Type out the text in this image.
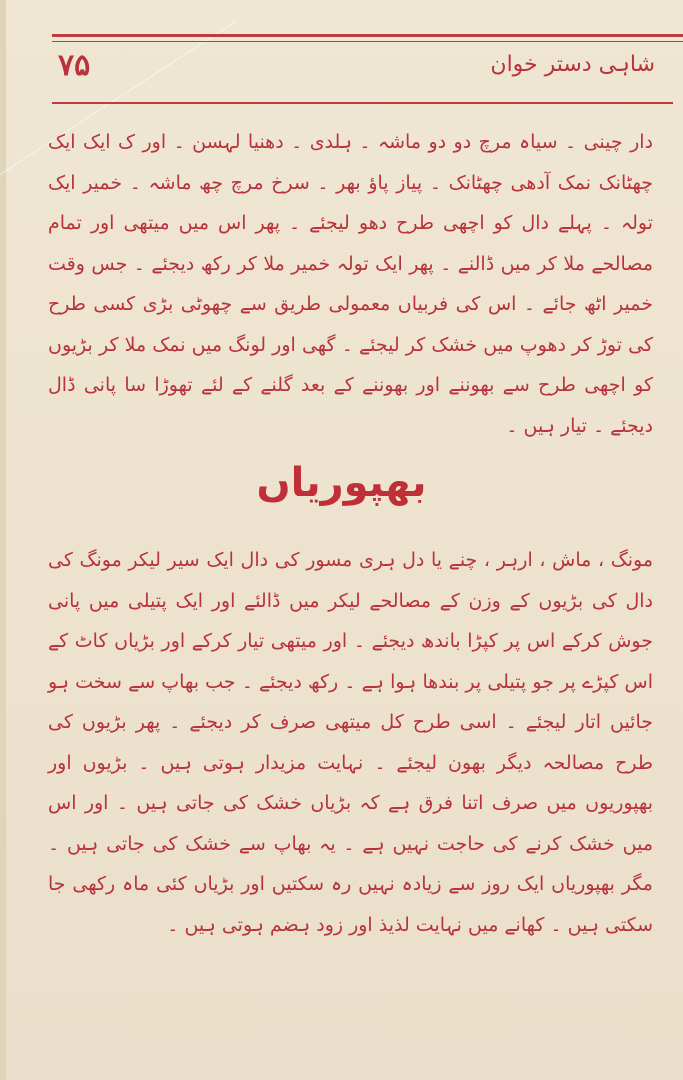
۷۵	شاہی دستر خوان

دار چینی ۔ سیاہ مرچ دو دو ماشہ ۔ ہلدی ۔ دھنیا لہسن ۔ اور ک ایک ایک چھٹانک نمک آدھی چھٹانک ۔ پیاز پاؤ بھر ۔ سرخ مرچ چھ ماشہ ۔ خمیر ایک تولہ ۔ پہلے دال کو اچھی طرح دھو لیجئے ۔ پھر اس میں میتھی اور تمام مصالحے ملا کر میں ڈالنے ۔ پھر ایک تولہ خمیر ملا کر رکھ دیجئے ۔ جس وقت خمیر اٹھ جائے ۔ اس کی فربیاں معمولی طریق سے چھوٹی بڑی کسی طرح کی توڑ کر دھوپ میں خشک کر لیجئے ۔ گھی اور لونگ میں نمک ملا کر بڑیوں کو اچھی طرح سے بھوننے اور بھوننے کے بعد گلنے کے لئے تھوڑا سا پانی ڈال دیجئے ۔ تیار ہیں ۔

بھپوریاں

مونگ ، ماش ، ارہر ، چنے یا دل ہری مسور کی دال ایک سیر لیکر مونگ کی دال کی بڑیوں کے وزن کے مصالحے لیکر میں ڈالئے اور ایک پتیلی میں پانی جوش کرکے اس پر کپڑا باندھ دیجئے ۔ اور میتھی تیار کرکے اور بڑیاں کاٹ کے اس کپڑے پر جو پتیلی پر بندھا ہوا ہے ۔ رکھ دیجئے ۔ جب بھاپ سے سخت ہو جائیں اتار لیجئے ۔ اسی طرح کل میتھی صرف کر دیجئے ۔ پھر بڑیوں کی طرح مصالحہ دیگر بھون لیجئے ۔ نہایت مزیدار ہوتی ہیں ۔ بڑیوں اور بھپوریوں میں صرف اتنا فرق ہے کہ بڑیاں خشک کی جاتی ہیں ۔ اور اس میں خشک کرنے کی حاجت نہیں ہے ۔ یہ بھاپ سے خشک کی جاتی ہیں ۔ مگر بھپوریاں ایک روز سے زیادہ نہیں رہ سکتیں اور بڑیاں کئی ماہ رکھی جا سکتی ہیں ۔ کھانے میں نہایت لذیذ اور زود ہضم ہوتی ہیں ۔
